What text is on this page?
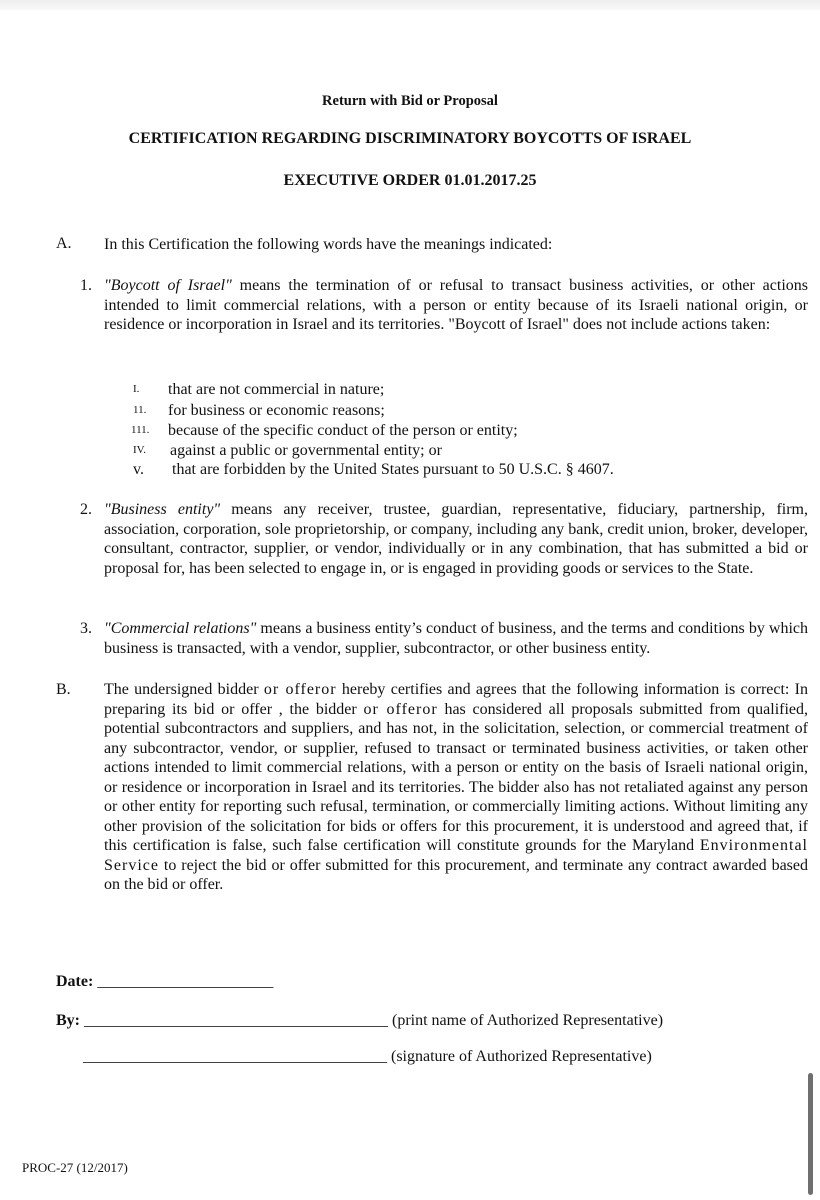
Return with Bid or Proposal
CERTIFICATION REGARDING DISCRIMINATORY BOYCOTTS OF ISRAEL
EXECUTIVE ORDER 01.01.2017.25
A. In this Certification the following words have the meanings indicated:
1. "Boycott of Israel" means the termination of or refusal to transact business activities, or other actions intended to limit commercial relations, with a person or entity because of its Israeli national origin, or residence or incorporation in Israel and its territories. "Boycott of Israel" does not include actions taken:
I. that are not commercial in nature;
11. for business or economic reasons;
111. because of the specific conduct of the person or entity;
IV. against a public or governmental entity; or
v. that are forbidden by the United States pursuant to 50 U.S.C. § 4607.
2. "Business entity" means any receiver, trustee, guardian, representative, fiduciary, partnership, firm, association, corporation, sole proprietorship, or company, including any bank, credit union, broker, developer, consultant, contractor, supplier, or vendor, individually or in any combination, that has submitted a bid or proposal for, has been selected to engage in, or is engaged in providing goods or services to the State.
3. "Commercial relations" means a business entity’s conduct of business, and the terms and conditions by which business is transacted, with a vendor, supplier, subcontractor, or other business entity.
B. The undersigned bidder or offeror hereby certifies and agrees that the following information is correct: In preparing its bid or offer , the bidder or offeror has considered all proposals submitted from qualified, potential subcontractors and suppliers, and has not, in the solicitation, selection, or commercial treatment of any subcontractor, vendor, or supplier, refused to transact or terminated business activities, or taken other actions intended to limit commercial relations, with a person or entity on the basis of Israeli national origin, or residence or incorporation in Israel and its territories. The bidder also has not retaliated against any person or other entity for reporting such refusal, termination, or commercially limiting actions. Without limiting any other provision of the solicitation for bids or offers for this procurement, it is understood and agreed that, if this certification is false, such false certification will constitute grounds for the Maryland Environmental Service to reject the bid or offer submitted for this procurement, and terminate any contract awarded based on the bid or offer.
Date: ______________________
By: ______________________________________ (print name of Authorized Representative)
______________________________________ (signature of Authorized Representative)
PROC-27 (12/2017)
